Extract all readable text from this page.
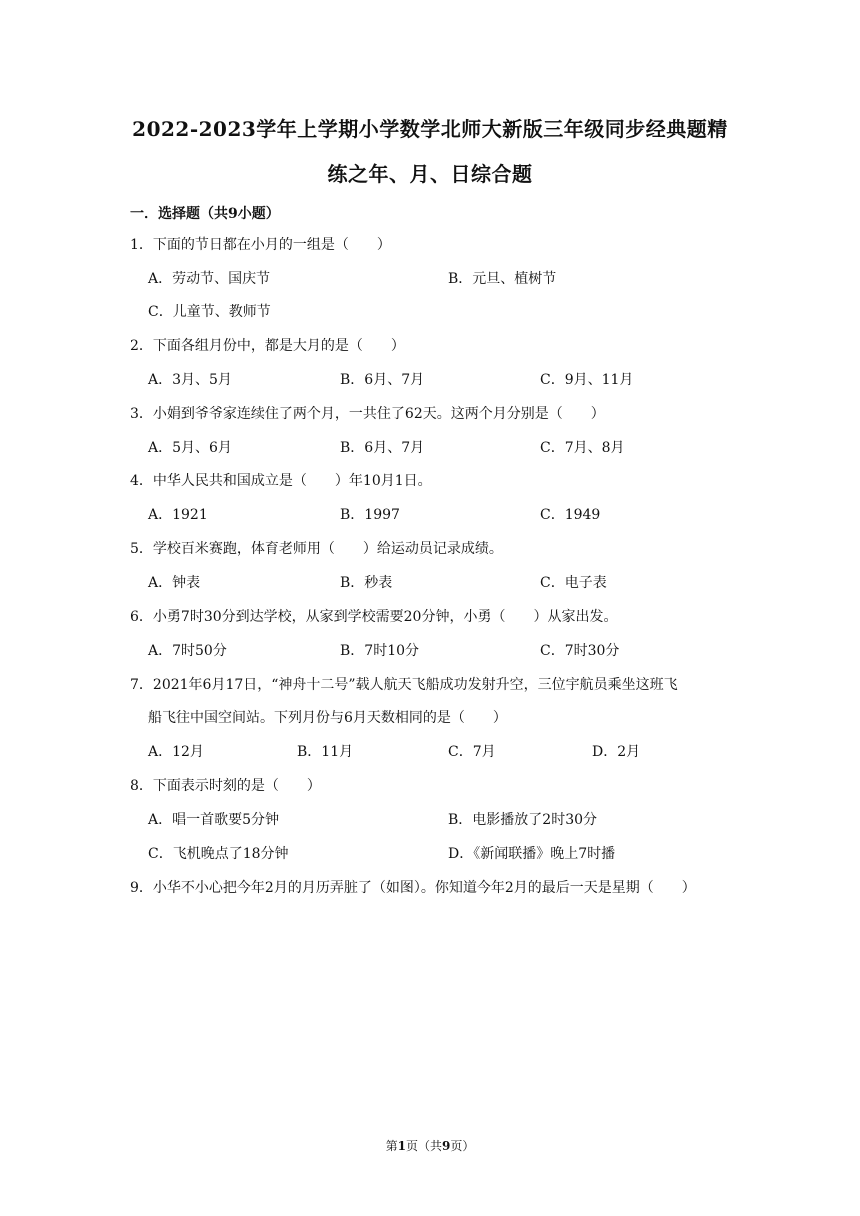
2022-2023学年上学期小学数学北师大新版三年级同步经典题精
练之年、月、日综合题
一．选择题（共9小题）
1．下面的节日都在小月的一组是（　　）
A．劳动节、国庆节	B．元旦、植树节
C．儿童节、教师节
2．下面各组月份中，都是大月的是（　　）
A．3月、5月	B．6月、7月	C．9月、11月
3．小娟到爷爷家连续住了两个月，一共住了62天。这两个月分别是（　　）
A．5月、6月	B．6月、7月	C．7月、8月
4．中华人民共和国成立是（　　）年10月1日。
A．1921	B．1997	C．1949
5．学校百米赛跑，体育老师用（　　）给运动员记录成绩。
A．钟表	B．秒表	C．电子表
6．小勇7时30分到达学校，从家到学校需要20分钟，小勇（　　）从家出发。
A．7时50分	B．7时10分	C．7时30分
7．2021年6月17日，“神舟十二号”载人航天飞船成功发射升空，三位宇航员乘坐这班飞
船飞往中国空间站。下列月份与6月天数相同的是（　　）
A．12月	B．11月	C．7月	D．2月
8．下面表示时刻的是（　　）
A．唱一首歌要5分钟	B．电影播放了2时30分
C．飞机晚点了18分钟	D．《新闻联播》晚上7时播
9．小华不小心把今年2月的月历弄脏了（如图）。你知道今年2月的最后一天是星期（　　）
第1页（共9页）
